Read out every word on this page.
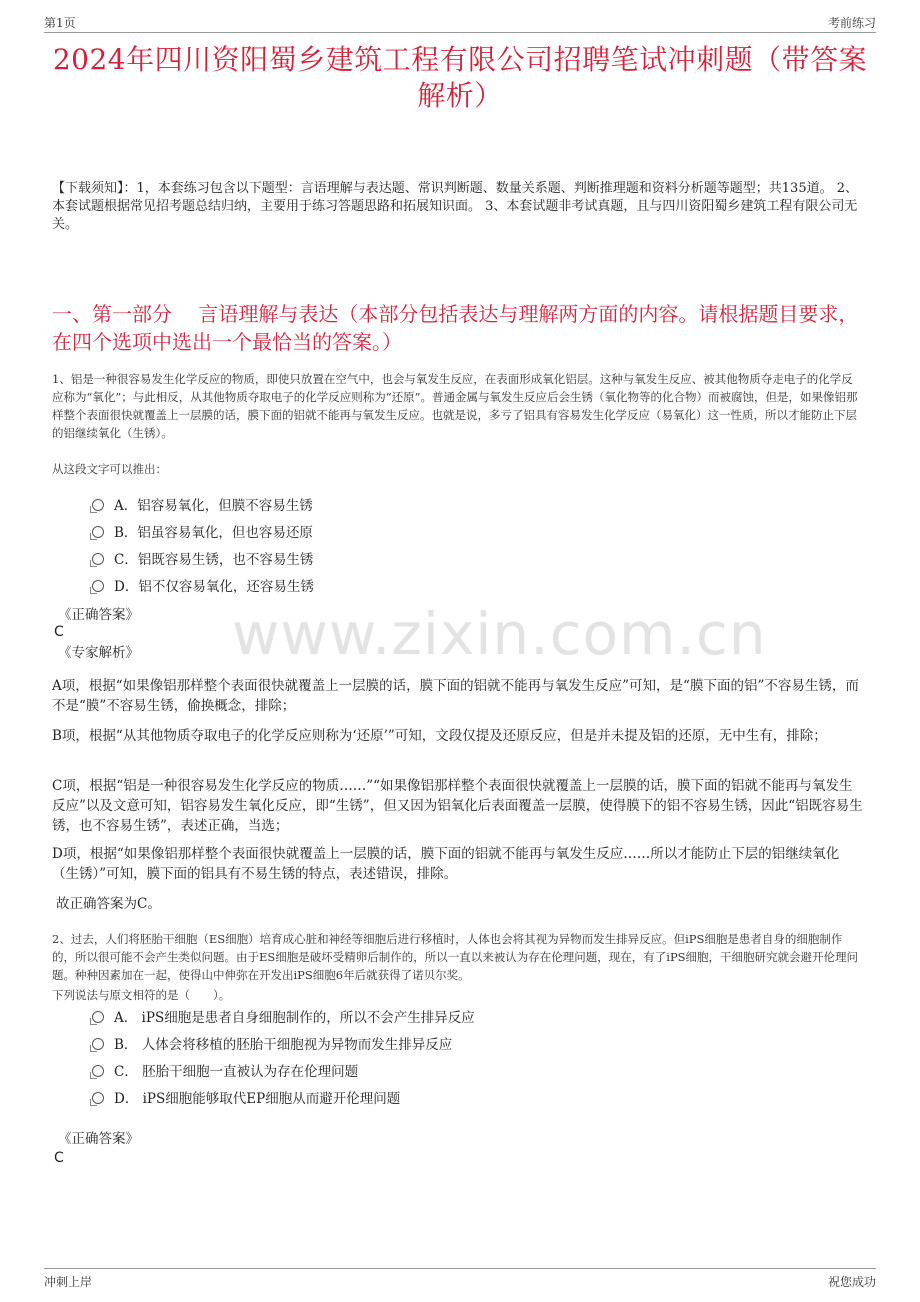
第1页	考前练习
2024年四川资阳蜀乡建筑工程有限公司招聘笔试冲刺题（带答案解析）
【下载须知】：1，本套练习包含以下题型：言语理解与表达题、常识判断题、数量关系题、判断推理题和资料分析题等题型；共135道。 2、本套试题根据常见招考题总结归纳，主要用于练习答题思路和拓展知识面。 3、本套试题非考试真题，且与四川资阳蜀乡建筑工程有限公司无关。
一、第一部分　 言语理解与表达（本部分包括表达与理解两方面的内容。请根据题目要求，在四个选项中选出一个最恰当的答案。）
1、铝是一种很容易发生化学反应的物质，即使只放置在空气中，也会与氧发生反应，在表面形成氧化铝层。这种与氧发生反应、被其他物质夺走电子的化学反应称为“氧化”；与此相反，从其他物质夺取电子的化学反应则称为“还原”。普通金属与氧发生反应后会生锈（氧化物等的化合物）而被腐蚀，但是，如果像铝那样整个表面很快就覆盖上一层膜的话，膜下面的铝就不能再与氧发生反应。也就是说，多亏了铝具有容易发生化学反应（易氧化）这一性质，所以才能防止下层的铝继续氧化（生锈）。
从这段文字可以推出：
A．铝容易氧化，但膜不容易生锈
B．铝虽容易氧化，但也容易还原
C．铝既容易生锈，也不容易生锈
D．铝不仅容易氧化，还容易生锈
《正确答案》
C
《专家解析》 www.zixin.com.cn
A项，根据“如果像铝那样整个表面很快就覆盖上一层膜的话，膜下面的铝就不能再与氧发生反应”可知，是“膜下面的铝”不容易生锈，而不是“膜”不容易生锈，偷换概念，排除；
B项，根据“从其他物质夺取电子的化学反应则称为‘还原’”可知，文段仅提及还原反应，但是并未提及铝的还原，无中生有，排除；
C项，根据“铝是一种很容易发生化学反应的物质……”“如果像铝那样整个表面很快就覆盖上一层膜的话，膜下面的铝就不能再与氧发生反应”以及文意可知，铝容易发生氧化反应，即“生锈”，但又因为铝氧化后表面覆盖一层膜，使得膜下的铝不容易生锈，因此“铝既容易生锈，也不容易生锈”，表述正确，当选；
D项，根据“如果像铝那样整个表面很快就覆盖上一层膜的话，膜下面的铝就不能再与氧发生反应……所以才能防止下层的铝继续氧化（生锈）”可知，膜下面的铝具有不易生锈的特点，表述错误，排除。
故正确答案为C。
2、过去，人们将胚胎干细胞（ES细胞）培育成心脏和神经等细胞后进行移植时，人体也会将其视为异物而发生排异反应。但iPS细胞是患者自身的细胞制作的，所以很可能不会产生类似问题。由于ES细胞是破坏受精卵后制作的，所以一直以来被认为存在伦理问题，现在，有了iPS细胞，干细胞研究就会避开伦理问题。种种因素加在一起，使得山中伸弥在开发出iPS细胞6年后就获得了诺贝尔奖。
下列说法与原文相符的是（　　）。
A． iPS细胞是患者自身细胞制作的，所以不会产生排异反应
B． 人体会将移植的胚胎干细胞视为异物而发生排异反应
C． 胚胎干细胞一直被认为存在伦理问题
D． iPS细胞能够取代EP细胞从而避开伦理问题
《正确答案》
C
冲刺上岸	祝您成功
